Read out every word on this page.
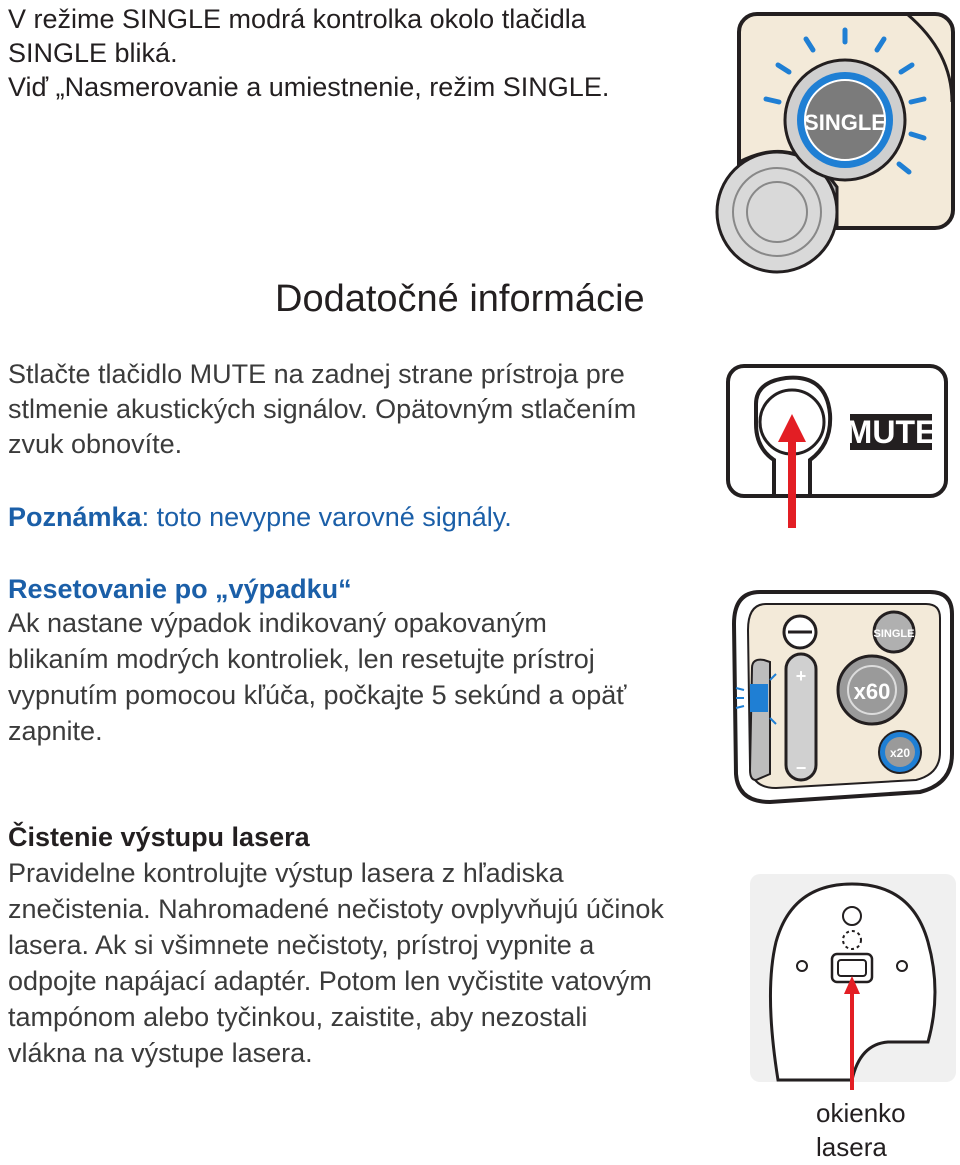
V režime SINGLE modrá kontrolka okolo tlačidla
SINGLE bliká.
Viď „Nasmerovanie a umiestnenie, režim SINGLE.
SINGLE
Dodatočné informácie
Stlačte tlačidlo MUTE na zadnej strane prístroja pre
stlmenie akustických signálov. Opätovným stlačením
zvuk obnovíte.
Poznámka: toto nevypne varovné signály.
MUTE
Resetovanie po „výpadku“
Ak nastane výpadok indikovaný opakovaným
blikaním modrých kontroliek, len resetujte prístroj
vypnutím pomocou kľúča, počkajte 5 sekúnd a opäť
zapnite.
+
−
SINGLE
x60
x20
Čistenie výstupu lasera
Pravidelne kontrolujte výstup lasera z hľadiska
znečistenia. Nahromadené nečistoty ovplyvňujú účinok
lasera. Ak si všimnete nečistoty, prístroj vypnite a
odpojte napájací adaptér. Potom len vyčistite vatovým
tampónom alebo tyčinkou, zaistite, aby nezostali
vlákna na výstupe lasera.
okienko
lasera
